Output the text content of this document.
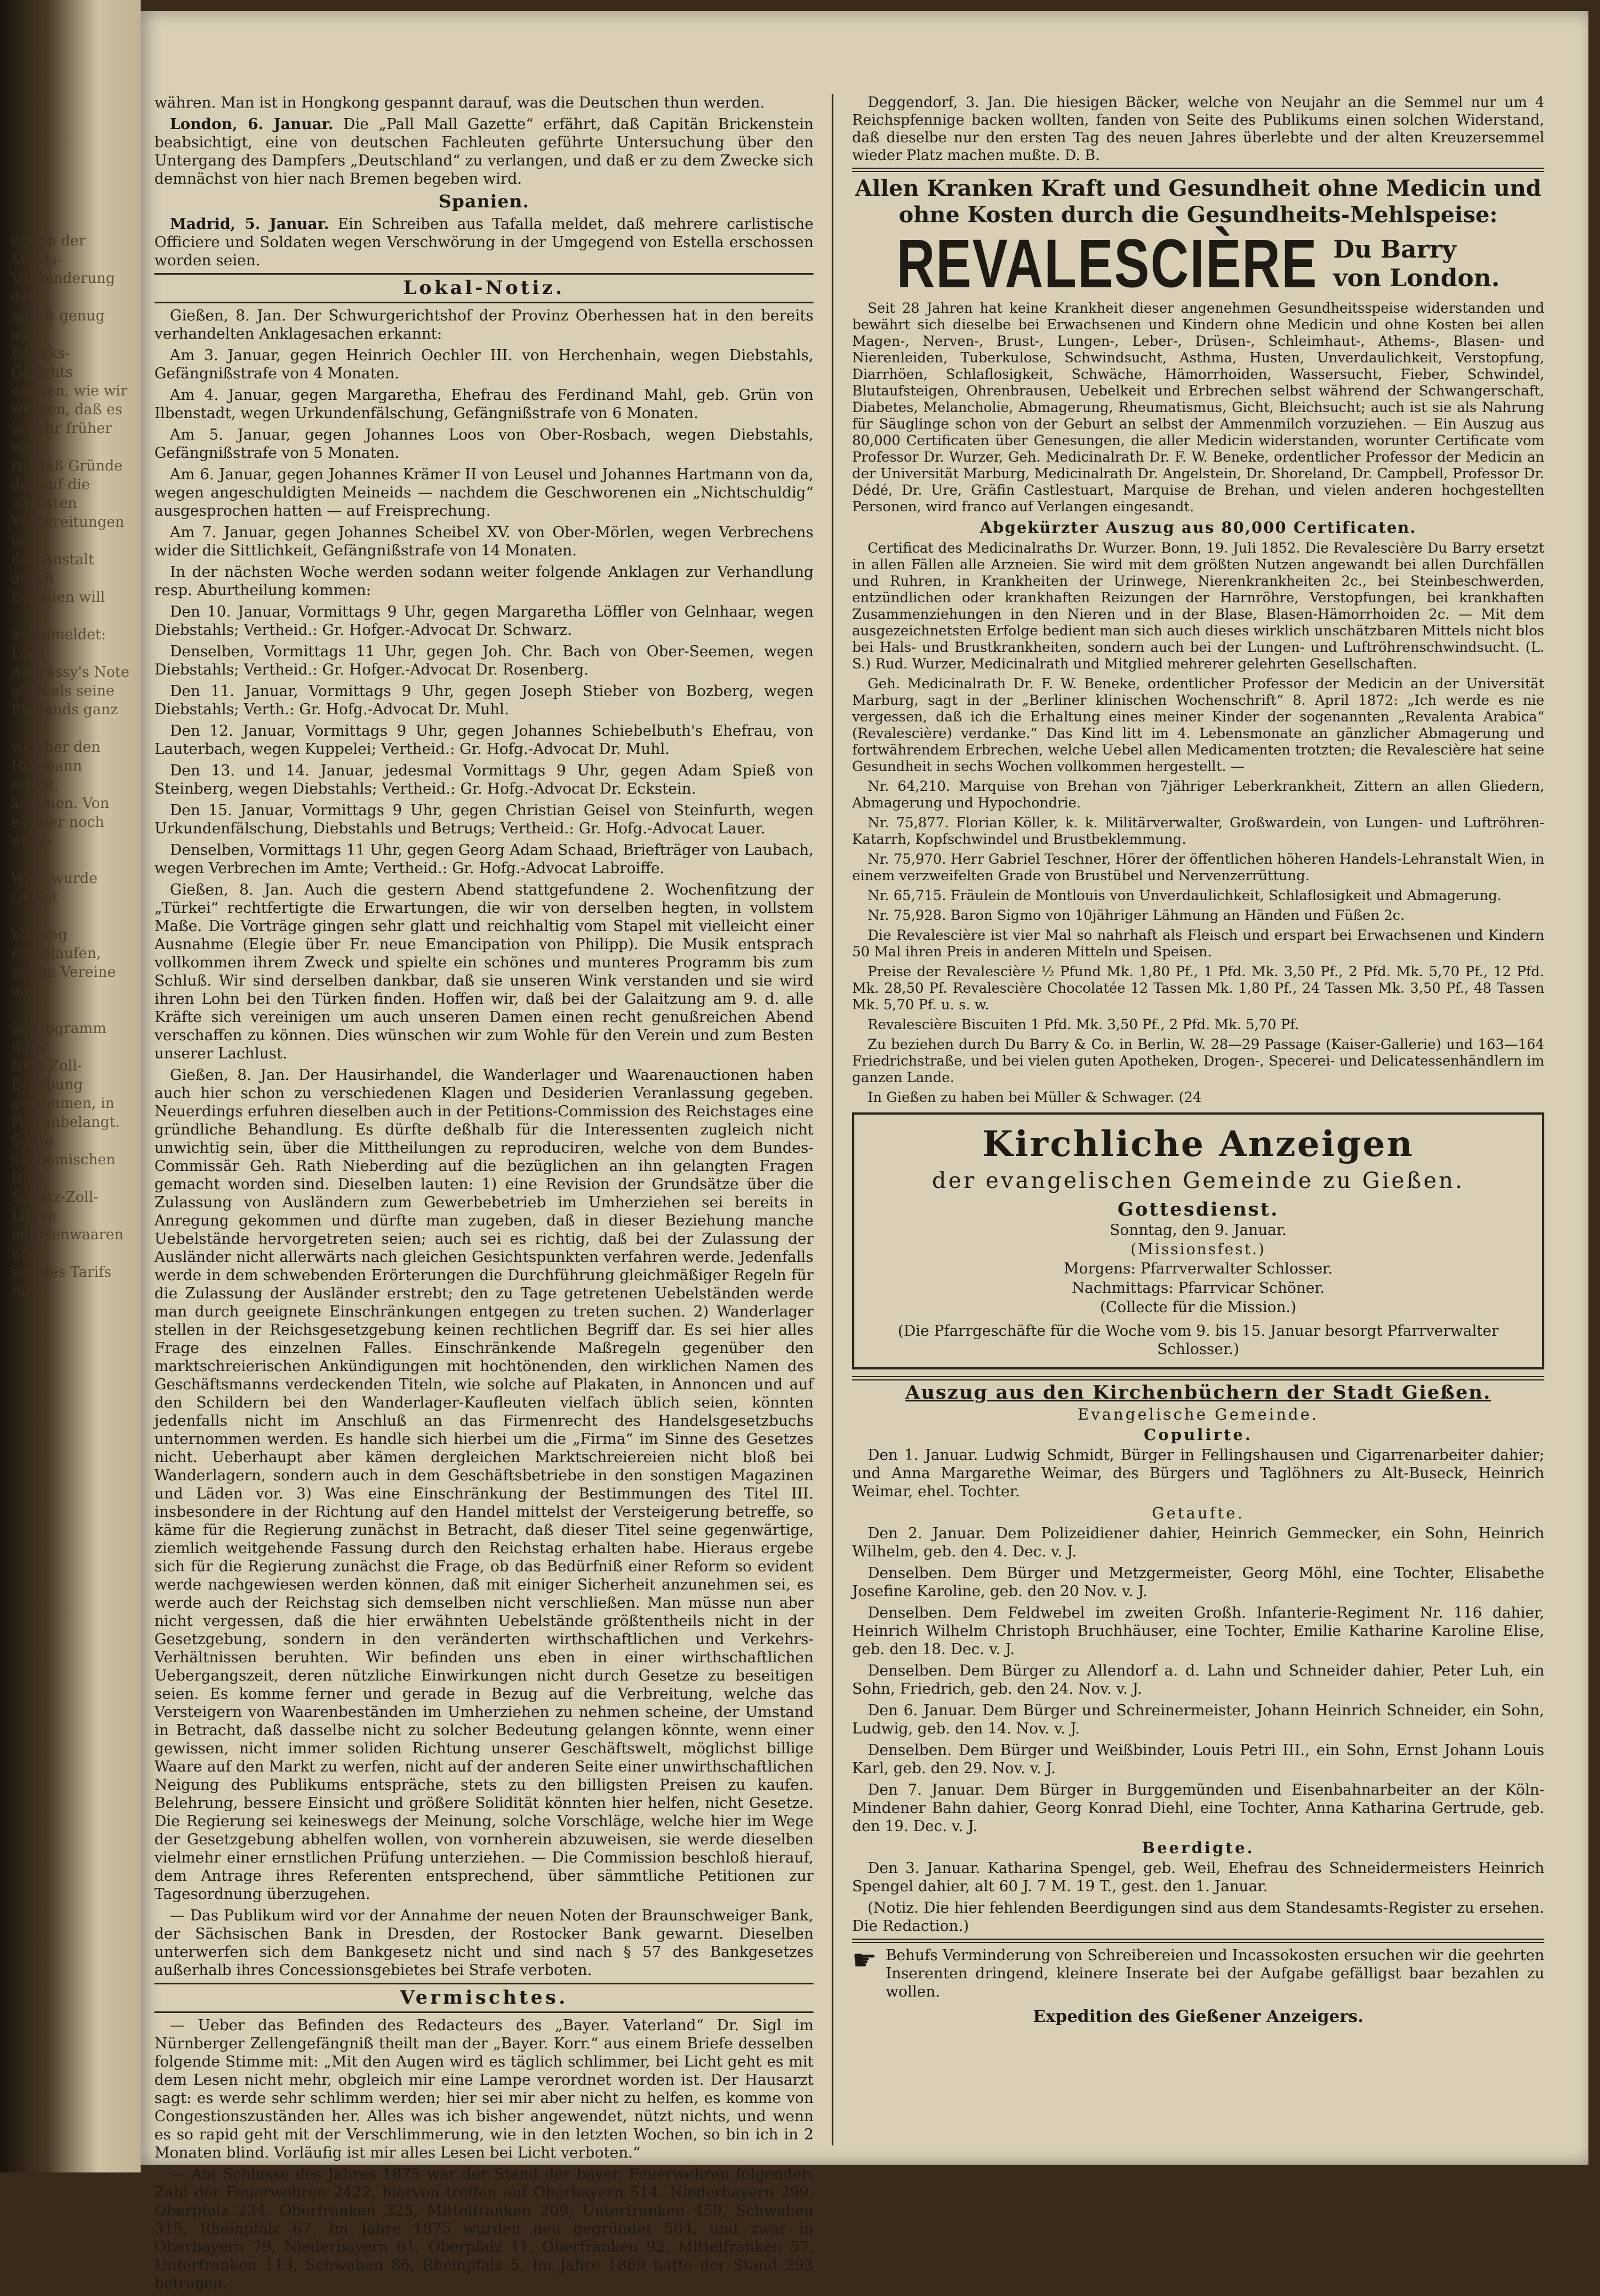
uction der Staats-
Verminderung des
nit oft genug an-
Bezirks-Gerichts
ommen, wie wir
werden, daß es
in sehr früher er-
rn, daß Gründe
der auf die
nächsten
Vorbereitungen in
den Anstalt durch
befinden will

an gemeldet: Lord
Andrassy's Note
glich als seine
Englands ganz

welcher den
Hohmann erlebt,
kommen. Von
es aber noch unbe-

Wahl wurde Gneist

klärung eingelaufen,
pel im Vereine mit

in Programm ihrer
freie Zoll-Erhebung
genommen, in
Poli anbelangt. Sollte
ökonomischen Rich-
Schutz-Zoll-Linien
in Eisenwaaren und
sen des Tarifs für

währen. Man ist in Hongkong gespannt darauf, was die Deutschen thun werden.

London, 6. Januar. Die „Pall Mall Gazette“ erfährt, daß Capitän Brickenstein beabsichtigt, eine von deutschen Fachleuten geführte Untersuchung über den Untergang des Dampfers „Deutschland“ zu verlangen, und daß er zu dem Zwecke sich demnächst von hier nach Bremen begeben wird.

Spanien.

Madrid, 5. Januar. Ein Schreiben aus Tafalla meldet, daß mehrere carlistische Officiere und Soldaten wegen Verschwörung in der Umgegend von Estella erschossen worden seien.

Lokal-Notiz.

Gießen, 8. Jan. Der Schwurgerichtshof der Provinz Oberhessen hat in den bereits verhandelten Anklagesachen erkannt:

Am 3. Januar, gegen Heinrich Oechler III. von Herchenhain, wegen Diebstahls, Gefängnißstrafe von 4 Monaten.

Am 4. Januar, gegen Margaretha, Ehefrau des Ferdinand Mahl, geb. Grün von Ilbenstadt, wegen Urkundenfälschung, Gefängnißstrafe von 6 Monaten.

Am 5. Januar, gegen Johannes Loos von Ober-Rosbach, wegen Diebstahls, Gefängnißstrafe von 5 Monaten.

Am 6. Januar, gegen Johannes Krämer II von Leusel und Johannes Hartmann von da, wegen angeschuldigten Meineids — nachdem die Geschworenen ein „Nichtschuldig“ ausgesprochen hatten — auf Freisprechung.

Am 7. Januar, gegen Johannes Scheibel XV. von Ober-Mörlen, wegen Verbrechens wider die Sittlichkeit, Gefängnißstrafe von 14 Monaten.

In der nächsten Woche werden sodann weiter folgende Anklagen zur Verhandlung resp. Aburtheilung kommen:

Den 10. Januar, Vormittags 9 Uhr, gegen Margaretha Löffler von Gelnhaar, wegen Diebstahls; Vertheid.: Gr. Hofger.-Advocat Dr. Schwarz.

Denselben, Vormittags 11 Uhr, gegen Joh. Chr. Bach von Ober-Seemen, wegen Diebstahls; Vertheid.: Gr. Hofger.-Advocat Dr. Rosenberg.

Den 11. Januar, Vormittags 9 Uhr, gegen Joseph Stieber von Bozberg, wegen Diebstahls; Verth.: Gr. Hofg.-Advocat Dr. Muhl.

Den 12. Januar, Vormittags 9 Uhr, gegen Johannes Schiebelbuth's Ehefrau, von Lauterbach, wegen Kuppelei; Vertheid.: Gr. Hofg.-Advocat Dr. Muhl.

Den 13. und 14. Januar, jedesmal Vormittags 9 Uhr, gegen Adam Spieß von Steinberg, wegen Diebstahls; Vertheid.: Gr. Hofg.-Advocat Dr. Eckstein.

Den 15. Januar, Vormittags 9 Uhr, gegen Christian Geisel von Steinfurth, wegen Urkundenfälschung, Diebstahls und Betrugs; Vertheid.: Gr. Hofg.-Advocat Lauer.

Denselben, Vormittags 11 Uhr, gegen Georg Adam Schaad, Briefträger von Laubach, wegen Verbrechen im Amte; Vertheid.: Gr. Hofg.-Advocat Labroiffe.

Gießen, 8. Jan. Auch die gestern Abend stattgefundene 2. Wochenfitzung der „Türkei“ rechtfertigte die Erwartungen, die wir von derselben hegten, in vollstem Maße. Die Vorträge gingen sehr glatt und reichhaltig vom Stapel mit vielleicht einer Ausnahme (Elegie über Fr. neue Emancipation von Philipp). Die Musik entsprach vollkommen ihrem Zweck und spielte ein schönes und munteres Programm bis zum Schluß. Wir sind derselben dankbar, daß sie unseren Wink verstanden und sie wird ihren Lohn bei den Türken finden. Hoffen wir, daß bei der Galaitzung am 9. d. alle Kräfte sich vereinigen um auch unseren Damen einen recht genußreichen Abend verschaffen zu können. Dies wünschen wir zum Wohle für den Verein und zum Besten unserer Lachlust.

Gießen, 8. Jan. Der Hausirhandel, die Wanderlager und Waarenauctionen haben auch hier schon zu verschiedenen Klagen und Desiderien Veranlassung gegeben. Neuerdings erfuhren dieselben auch in der Petitions-Commission des Reichstages eine gründliche Behandlung. Es dürfte deßhalb für die Interessenten zugleich nicht unwichtig sein, über die Mittheilungen zu reproduciren, welche von dem Bundes-Commissär Geh. Rath Nieberding auf die bezüglichen an ihn gelangten Fragen gemacht worden sind. Dieselben lauten: 1) eine Revision der Grundsätze über die Zulassung von Ausländern zum Gewerbebetrieb im Umherziehen sei bereits in Anregung gekommen und dürfte man zugeben, daß in dieser Beziehung manche Uebelstände hervorgetreten seien; auch sei es richtig, daß bei der Zulassung der Ausländer nicht allerwärts nach gleichen Gesichtspunkten verfahren werde. Jedenfalls werde in dem schwebenden Erörterungen die Durchführung gleichmäßiger Regeln für die Zulassung der Ausländer erstrebt; den zu Tage getretenen Uebelständen werde man durch geeignete Einschränkungen entgegen zu treten suchen. 2) Wanderlager stellen in der Reichsgesetzgebung keinen rechtlichen Begriff dar. Es sei hier alles Frage des einzelnen Falles. Einschränkende Maßregeln gegenüber den marktschreierischen Ankündigungen mit hochtönenden, den wirklichen Namen des Geschäftsmanns verdeckenden Titeln, wie solche auf Plakaten, in Annoncen und auf den Schildern bei den Wanderlager-Kaufleuten vielfach üblich seien, könnten jedenfalls nicht im Anschluß an das Firmenrecht des Handelsgesetzbuchs unternommen werden. Es handle sich hierbei um die „Firma“ im Sinne des Gesetzes nicht. Ueberhaupt aber kämen dergleichen Marktschreiereien nicht bloß bei Wanderlagern, sondern auch in dem Geschäftsbetriebe in den sonstigen Magazinen und Läden vor. 3) Was eine Einschränkung der Bestimmungen des Titel III. insbesondere in der Richtung auf den Handel mittelst der Versteigerung betreffe, so käme für die Regierung zunächst in Betracht, daß dieser Titel seine gegenwärtige, ziemlich weitgehende Fassung durch den Reichstag erhalten habe. Hieraus ergebe sich für die Regierung zunächst die Frage, ob das Bedürfniß einer Reform so evident werde nachgewiesen werden können, daß mit einiger Sicherheit anzunehmen sei, es werde auch der Reichstag sich demselben nicht verschließen. Man müsse nun aber nicht vergessen, daß die hier erwähnten Uebelstände größtentheils nicht in der Gesetzgebung, sondern in den veränderten wirthschaftlichen und Verkehrs-Verhältnissen beruhten. Wir befinden uns eben in einer wirthschaftlichen Uebergangszeit, deren nützliche Einwirkungen nicht durch Gesetze zu beseitigen seien. Es komme ferner und gerade in Bezug auf die Verbreitung, welche das Versteigern von Waarenbeständen im Umherziehen zu nehmen scheine, der Umstand in Betracht, daß dasselbe nicht zu solcher Bedeutung gelangen könnte, wenn einer gewissen, nicht immer soliden Richtung unserer Geschäftswelt, möglichst billige Waare auf den Markt zu werfen, nicht auf der anderen Seite einer unwirthschaftlichen Neigung des Publikums entspräche, stets zu den billigsten Preisen zu kaufen. Belehrung, bessere Einsicht und größere Solidität könnten hier helfen, nicht Gesetze. Die Regierung sei keineswegs der Meinung, solche Vorschläge, welche hier im Wege der Gesetzgebung abhelfen wollen, von vornherein abzuweisen, sie werde dieselben vielmehr einer ernstlichen Prüfung unterziehen. — Die Commission beschloß hierauf, dem Antrage ihres Referenten entsprechend, über sämmtliche Petitionen zur Tagesordnung überzugehen.

— Das Publikum wird vor der Annahme der neuen Noten der Braunschweiger Bank, der Sächsischen Bank in Dresden, der Rostocker Bank gewarnt. Dieselben unterwerfen sich dem Bankgesetz nicht und sind nach § 57 des Bankgesetzes außerhalb ihres Concessionsgebietes bei Strafe verboten.

Vermischtes.

— Ueber das Befinden des Redacteurs des „Bayer. Vaterland“ Dr. Sigl im Nürnberger Zellengefängniß theilt man der „Bayer. Korr.“ aus einem Briefe desselben folgende Stimme mit: „Mit den Augen wird es täglich schlimmer, bei Licht geht es mit dem Lesen nicht mehr, obgleich mir eine Lampe verordnet worden ist. Der Hausarzt sagt: es werde sehr schlimm werden; hier sei mir aber nicht zu helfen, es komme von Congestionszuständen her. Alles was ich bisher angewendet, nützt nichts, und wenn es so rapid geht mit der Verschlimmerung, wie in den letzten Wochen, so bin ich in 2 Monaten blind. Vorläufig ist mir alles Lesen bei Licht verboten.“

— Am Schlusse des Jahres 1875 war der Stand der bayer. Feuerwehren folgender: Zahl der Feuerwehren 2422, hiervon treffen auf Oberbayern 514, Niederbayern 299, Oberpfalz 234, Oberfranken 325, Mittelfranken 209, Unterfranken 459, Schwaben 315, Rheinpfalz 67. Im Jahre 1875 wurden neu gegründet 504, und zwar in Oberbayern 79, Niederbayern 61, Oberpfalz 11, Oberfranken 92, Mittelfranken 57, Unterfranken 113, Schwaben 86, Rheinpfalz 5. Im Jahre 1869 hatte der Stand 293 betragen.

Deggendorf, 3. Jan. Die hiesigen Bäcker, welche von Neujahr an die Semmel nur um 4 Reichspfennige backen wollten, fanden von Seite des Publikums einen solchen Widerstand, daß dieselbe nur den ersten Tag des neuen Jahres überlebte und der alten Kreuzersemmel wieder Platz machen mußte. D. B.

Allen Kranken Kraft und Gesundheit ohne Medicin und ohne Kosten durch die Gesundheits-Mehlspeise:
REVALESCIÈRE Du Barry
von London.

Seit 28 Jahren hat keine Krankheit dieser angenehmen Gesundheitsspeise widerstanden und bewährt sich dieselbe bei Erwachsenen und Kindern ohne Medicin und ohne Kosten bei allen Magen-, Nerven-, Brust-, Lungen-, Leber-, Drüsen-, Schleimhaut-, Athems-, Blasen- und Nierenleiden, Tuberkulose, Schwindsucht, Asthma, Husten, Unverdaulichkeit, Verstopfung, Diarrhöen, Schlaflosigkeit, Schwäche, Hämorrhoiden, Wassersucht, Fieber, Schwindel, Blutaufsteigen, Ohrenbrausen, Uebelkeit und Erbrechen selbst während der Schwangerschaft, Diabetes, Melancholie, Abmagerung, Rheumatismus, Gicht, Bleichsucht; auch ist sie als Nahrung für Säuglinge schon von der Geburt an selbst der Ammenmilch vorzuziehen. — Ein Auszug aus 80,000 Certificaten über Genesungen, die aller Medicin widerstanden, worunter Certificate vom Professor Dr. Wurzer, Geh. Medicinalrath Dr. F. W. Beneke, ordentlicher Professor der Medicin an der Universität Marburg, Medicinalrath Dr. Angelstein, Dr. Shoreland, Dr. Campbell, Professor Dr. Dédé, Dr. Ure, Gräfin Castlestuart, Marquise de Brehan, und vielen anderen hochgestellten Personen, wird franco auf Verlangen eingesandt.

Abgekürzter Auszug aus 80,000 Certificaten.

Certificat des Medicinalraths Dr. Wurzer. Bonn, 19. Juli 1852. Die Revalescière Du Barry ersetzt in allen Fällen alle Arzneien. Sie wird mit dem größten Nutzen angewandt bei allen Durchfällen und Ruhren, in Krankheiten der Urinwege, Nierenkrankheiten 2c., bei Steinbeschwerden, entzündlichen oder krankhaften Reizungen der Harnröhre, Verstopfungen, bei krankhaften Zusammenziehungen in den Nieren und in der Blase, Blasen-Hämorrhoiden 2c. — Mit dem ausgezeichnetsten Erfolge bedient man sich auch dieses wirklich unschätzbaren Mittels nicht blos bei Hals- und Brustkrankheiten, sondern auch bei der Lungen- und Luftröhrenschwindsucht. (L. S.) Rud. Wurzer, Medicinalrath und Mitglied mehrerer gelehrten Gesellschaften.

Geh. Medicinalrath Dr. F. W. Beneke, ordentlicher Professor der Medicin an der Universität Marburg, sagt in der „Berliner klinischen Wochenschrift“ 8. April 1872: „Ich werde es nie vergessen, daß ich die Erhaltung eines meiner Kinder der sogenannten „Revalenta Arabica“ (Revalescière) verdanke.“ Das Kind litt im 4. Lebensmonate an gänzlicher Abmagerung und fortwährendem Erbrechen, welche Uebel allen Medicamenten trotzten; die Revalescière hat seine Gesundheit in sechs Wochen vollkommen hergestellt. —

Nr. 64,210. Marquise von Brehan von 7jähriger Leberkrankheit, Zittern an allen Gliedern, Abmagerung und Hypochondrie.

Nr. 75,877. Florian Köller, k. k. Militärverwalter, Großwardein, von Lungen- und Luftröhren-Katarrh, Kopfschwindel und Brustbeklemmung.

Nr. 75,970. Herr Gabriel Teschner, Hörer der öffentlichen höheren Handels-Lehranstalt Wien, in einem verzweifelten Grade von Brustübel und Nervenzerrüttung.

Nr. 65,715. Fräulein de Montlouis von Unverdaulichkeit, Schlaflosigkeit und Abmagerung.

Nr. 75,928. Baron Sigmo von 10jähriger Lähmung an Händen und Füßen 2c.

Die Revalescière ist vier Mal so nahrhaft als Fleisch und erspart bei Erwachsenen und Kindern 50 Mal ihren Preis in anderen Mitteln und Speisen.

Preise der Revalescière ½ Pfund Mk. 1,80 Pf., 1 Pfd. Mk. 3,50 Pf., 2 Pfd. Mk. 5,70 Pf., 12 Pfd. Mk. 28,50 Pf. Revalescière Chocolatée 12 Tassen Mk. 1,80 Pf., 24 Tassen Mk. 3,50 Pf., 48 Tassen Mk. 5,70 Pf. u. s. w.

Revalescière Biscuiten 1 Pfd. Mk. 3,50 Pf., 2 Pfd. Mk. 5,70 Pf.

Zu beziehen durch Du Barry & Co. in Berlin, W. 28—29 Passage (Kaiser-Gallerie) und 163—164 Friedrichstraße, und bei vielen guten Apotheken, Drogen-, Specerei- und Delicatessenhändlern im ganzen Lande.

In Gießen zu haben bei Müller & Schwager. (24

Kirchliche Anzeigen
der evangelischen Gemeinde zu Gießen.
Gottesdienst.

Sonntag, den 9. Januar.

(Missionsfest.)

Morgens: Pfarrverwalter Schlosser.

Nachmittags: Pfarrvicar Schöner.

(Collecte für die Mission.)

(Die Pfarrgeschäfte für die Woche vom 9. bis 15. Januar besorgt Pfarrverwalter Schlosser.)

Auszug aus den Kirchenbüchern der Stadt Gießen.
Evangelische Gemeinde.
Copulirte.

Den 1. Januar. Ludwig Schmidt, Bürger in Fellingshausen und Cigarrenarbeiter dahier; und Anna Margarethe Weimar, des Bürgers und Taglöhners zu Alt-Buseck, Heinrich Weimar, ehel. Tochter.

Getaufte.

Den 2. Januar. Dem Polizeidiener dahier, Heinrich Gemmecker, ein Sohn, Heinrich Wilhelm, geb. den 4. Dec. v. J.

Denselben. Dem Bürger und Metzgermeister, Georg Möhl, eine Tochter, Elisabethe Josefine Karoline, geb. den 20 Nov. v. J.

Denselben. Dem Feldwebel im zweiten Großh. Infanterie-Regiment Nr. 116 dahier, Heinrich Wilhelm Christoph Bruchhäuser, eine Tochter, Emilie Katharine Karoline Elise, geb. den 18. Dec. v. J.

Denselben. Dem Bürger zu Allendorf a. d. Lahn und Schneider dahier, Peter Luh, ein Sohn, Friedrich, geb. den 24. Nov. v. J.

Den 6. Januar. Dem Bürger und Schreinermeister, Johann Heinrich Schneider, ein Sohn, Ludwig, geb. den 14. Nov. v. J.

Denselben. Dem Bürger und Weißbinder, Louis Petri III., ein Sohn, Ernst Johann Louis Karl, geb. den 29. Nov. v. J.

Den 7. Januar. Dem Bürger in Burggemünden und Eisenbahnarbeiter an der Köln-Mindener Bahn dahier, Georg Konrad Diehl, eine Tochter, Anna Katharina Gertrude, geb. den 19. Dec. v. J.

Beerdigte.

Den 3. Januar. Katharina Spengel, geb. Weil, Ehefrau des Schneidermeisters Heinrich Spengel dahier, alt 60 J. 7 M. 19 T., gest. den 1. Januar.

(Notiz. Die hier fehlenden Beerdigungen sind aus dem Standesamts-Register zu ersehen. Die Redaction.)

☛ Behufs Verminderung von Schreibereien und Incassokosten ersuchen wir die geehrten Inserenten dringend, kleinere Inserate bei der Aufgabe gefälligst baar bezahlen zu wollen.

Expedition des Gießener Anzeigers.
